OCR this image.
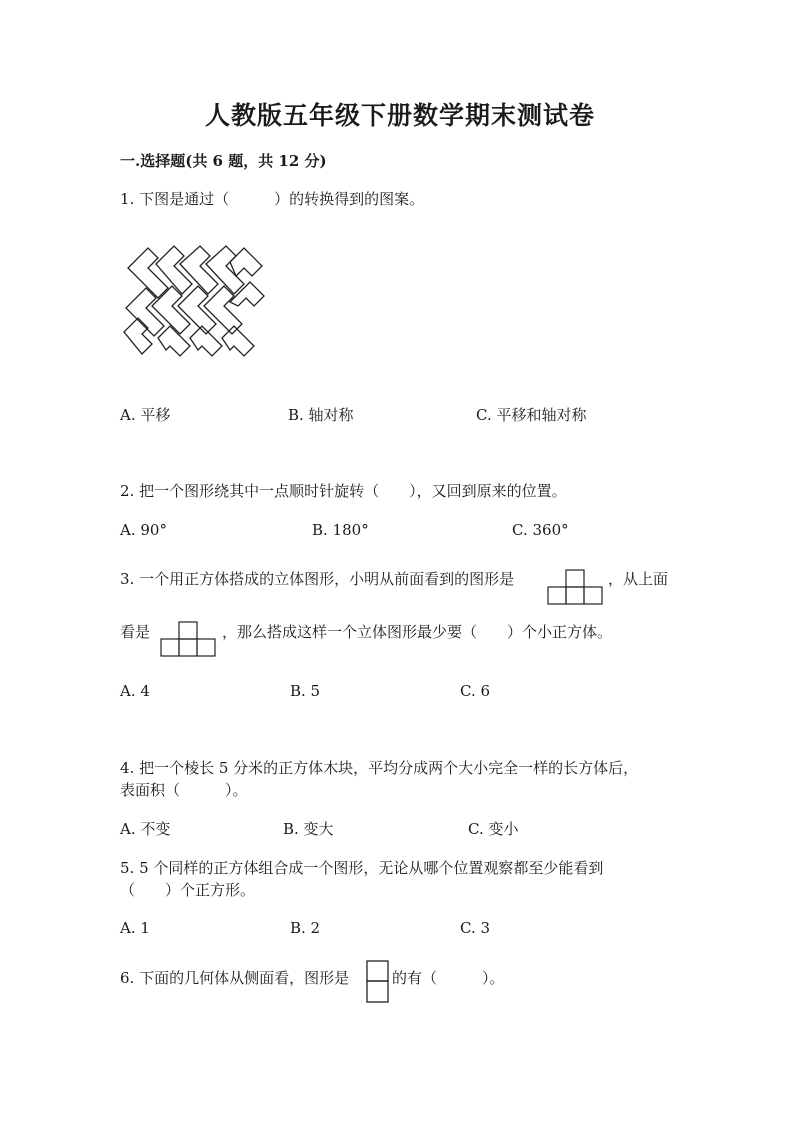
人教版五年级下册数学期末测试卷
一.选择题(共 6 题，共 12 分)
1. 下图是通过（　　　）的转换得到的图案。
A. 平移	B. 轴对称	C. 平移和轴对称
2. 把一个图形绕其中一点顺时针旋转（　　），又回到原来的位置。
A. 90°	B. 180°	C. 360°
3. 一个用正方体搭成的立体图形，小明从前面看到的图形是	，从上面
看是	，那么搭成这样一个立体图形最少要（　　）个小正方体。
A. 4	B. 5	C. 6
4. 把一个棱长 5 分米的正方体木块，平均分成两个大小完全一样的长方体后，
表面积（　　　）。
A. 不变	B. 变大	C. 变小
5. 5 个同样的正方体组合成一个图形，无论从哪个位置观察都至少能看到
（　　）个正方形。
A. 1	B. 2	C. 3
6. 下面的几何体从侧面看，图形是	的有（　　　）。
